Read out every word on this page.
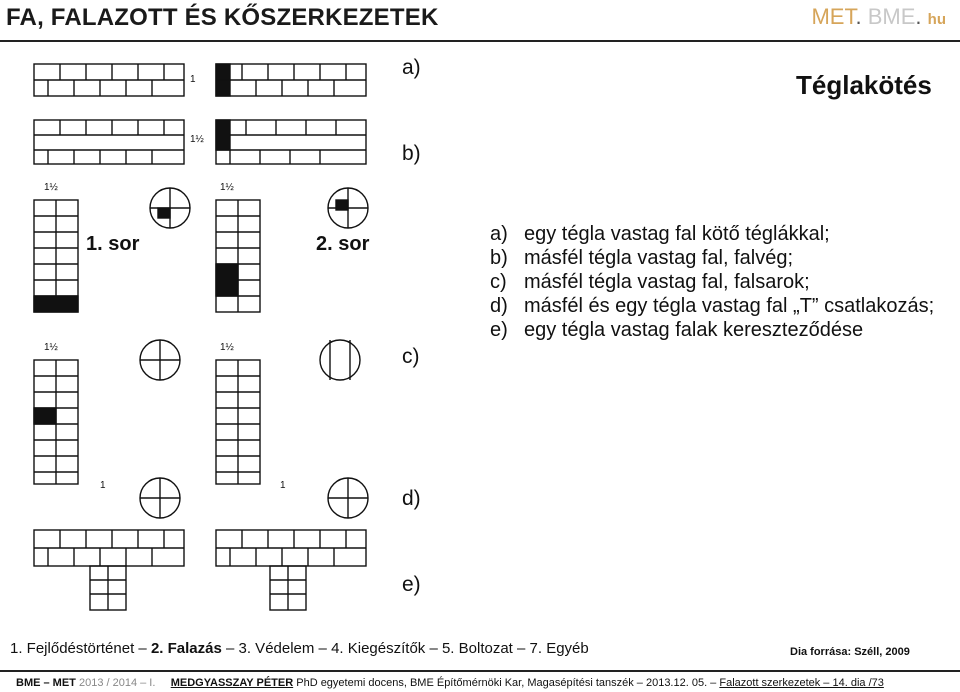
FA, FALAZOTT ÉS KŐSZERKEZETEK	MET. BME. hu
Téglakötés
a)
b)
c)
d)
e)
a) egy tégla vastag fal kötő téglákkal;
b) másfél tégla vastag fal, falvég;
c) másfél tégla vastag fal, falsarok;
d) másfél és egy tégla vastag fal „T” csatlakozás;
e) egy tégla vastag falak kereszteződése
1
1½
1½	1½
1½	1½
1	1
1. sor	2. sor
1. Fejlődéstörténet – 2. Falazás – 3. Védelem – 4. Kiegészítők – 5. Boltozat – 7. Egyéb	Dia forrása: Széll, 2009
BME – MET 2013 / 2014 – I. MEDGYASSZAY PÉTER PhD egyetemi docens, BME Építőmérnöki Kar, Magasépítési tanszék – 2013.12. 05. – Falazott szerkezetek – 14. dia /73
